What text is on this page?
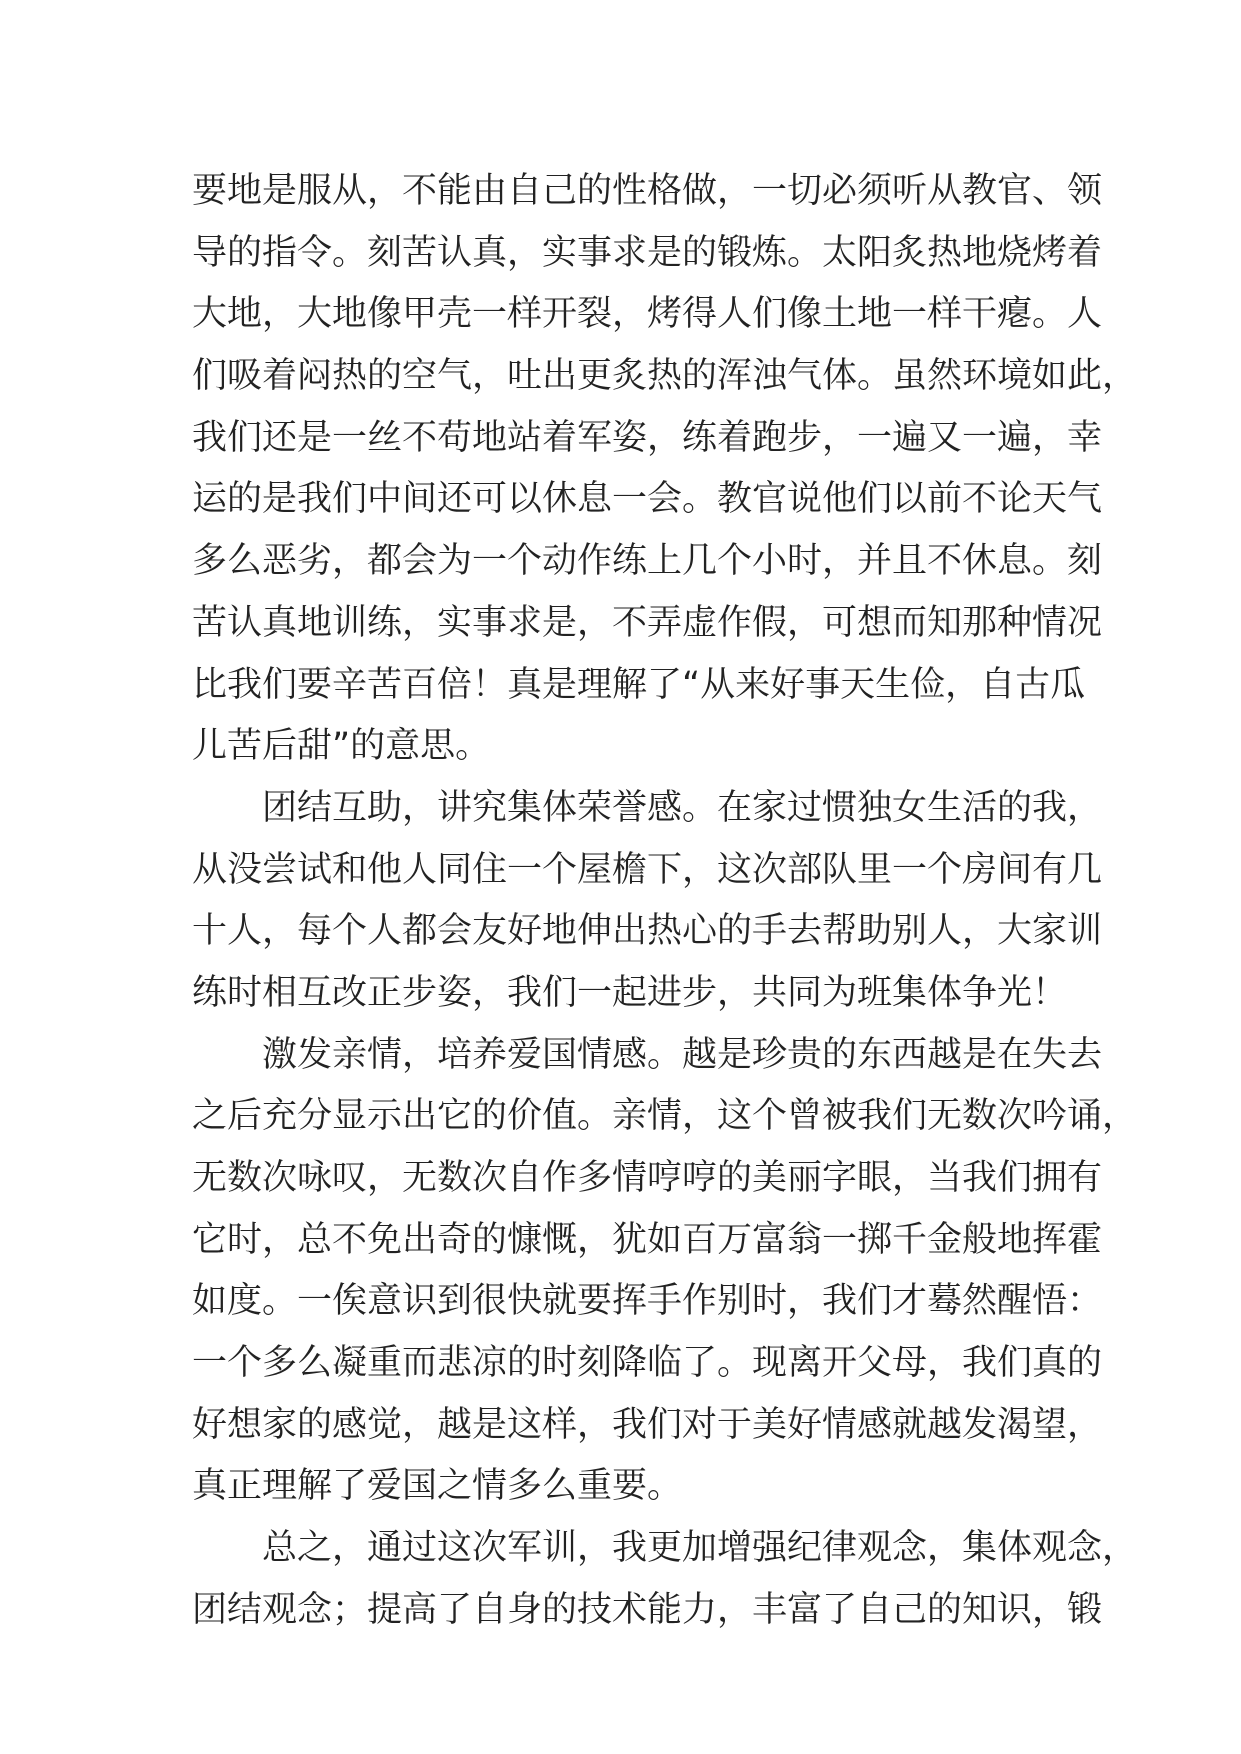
要地是服从，不能由自己的性格做，一切必须听从教官、领
导的指令。刻苦认真，实事求是的锻炼。太阳炙热地烧烤着
大地，大地像甲壳一样开裂，烤得人们像土地一样干瘪。人
们吸着闷热的空气，吐出更炙热的浑浊气体。虽然环境如此，
我们还是一丝不苟地站着军姿，练着跑步，一遍又一遍，幸
运的是我们中间还可以休息一会。教官说他们以前不论天气
多么恶劣，都会为一个动作练上几个小时，并且不休息。刻
苦认真地训练，实事求是，不弄虚作假，可想而知那种情况
比我们要辛苦百倍！真是理解了“从来好事天生俭，自古瓜
儿苦后甜”的意思。
团结互助，讲究集体荣誉感。在家过惯独女生活的我，
从没尝试和他人同住一个屋檐下，这次部队里一个房间有几
十人，每个人都会友好地伸出热心的手去帮助别人，大家训
练时相互改正步姿，我们一起进步，共同为班集体争光！
激发亲情，培养爱国情感。越是珍贵的东西越是在失去
之后充分显示出它的价值。亲情，这个曾被我们无数次吟诵，
无数次咏叹，无数次自作多情哼哼的美丽字眼，当我们拥有
它时，总不免出奇的慷慨，犹如百万富翁一掷千金般地挥霍
如度。一俟意识到很快就要挥手作别时，我们才蓦然醒悟：
一个多么凝重而悲凉的时刻降临了。现离开父母，我们真的
好想家的感觉，越是这样，我们对于美好情感就越发渴望，
真正理解了爱国之情多么重要。
总之，通过这次军训，我更加增强纪律观念，集体观念，
团结观念；提高了自身的技术能力，丰富了自己的知识，锻
